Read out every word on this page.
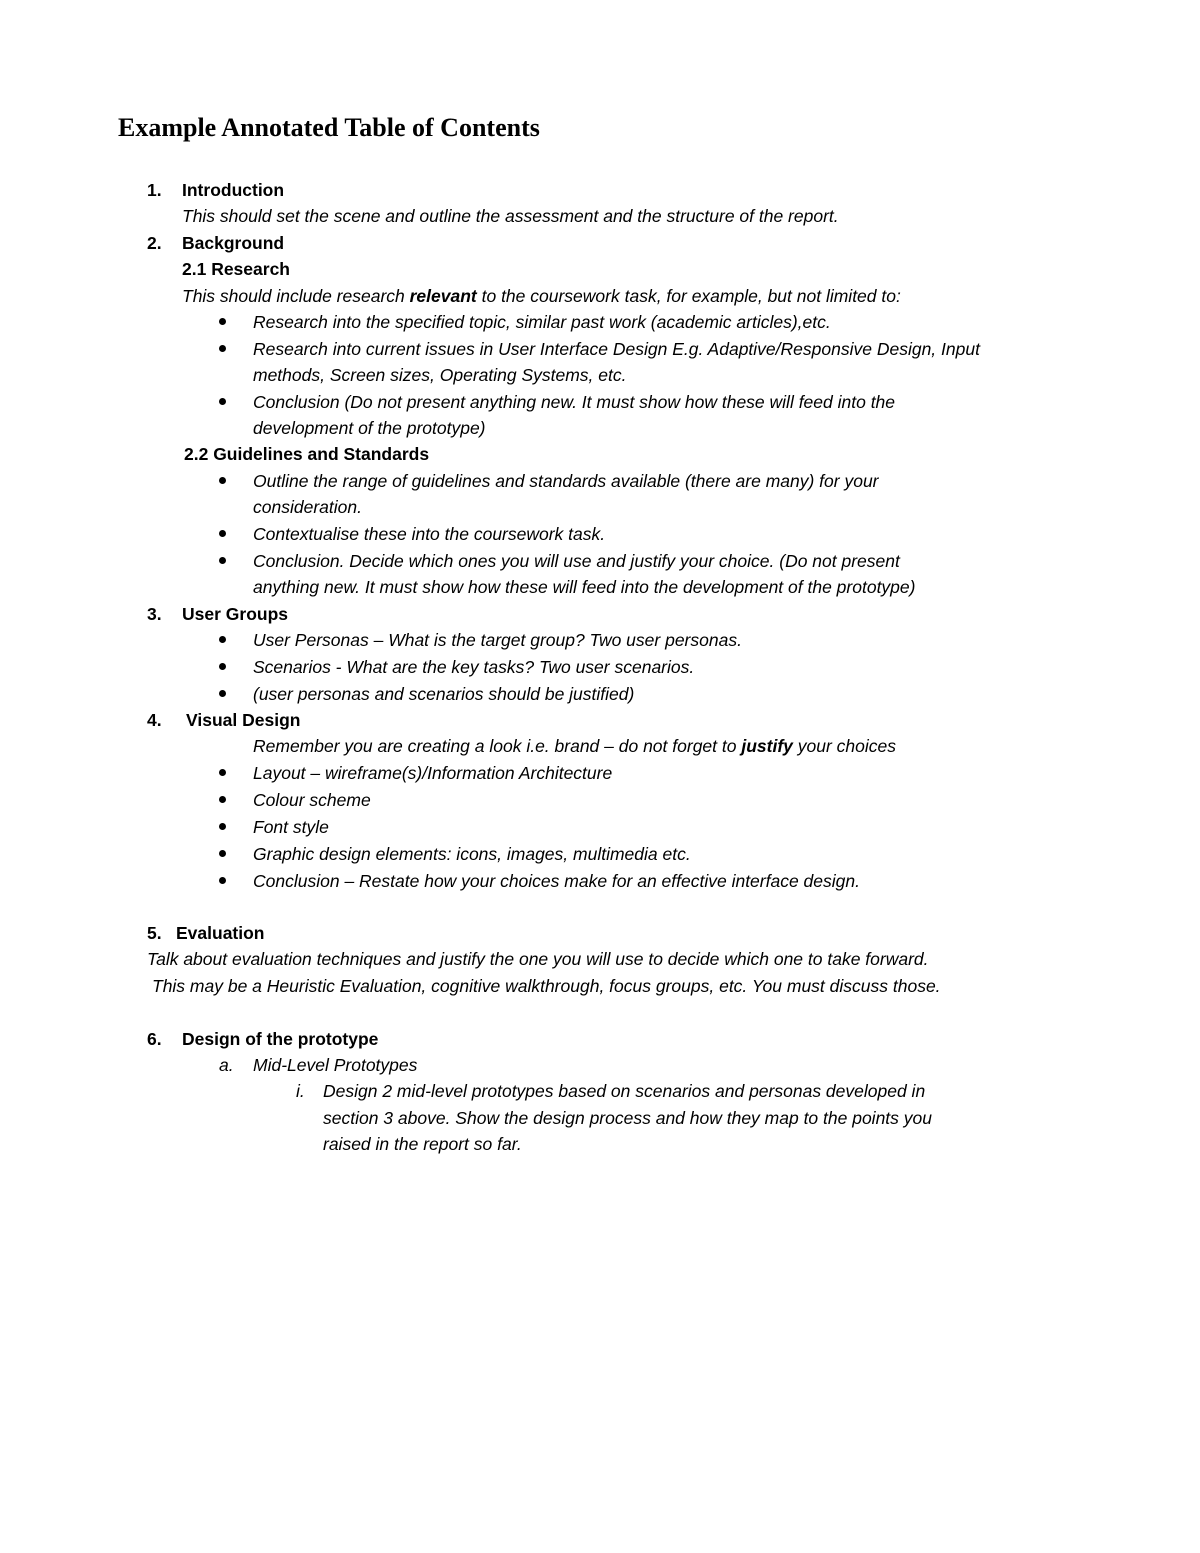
Example Annotated Table of Contents
1. Introduction
This should set the scene and outline the assessment and the structure of the report.
2. Background
2.1 Research
This should include research relevant to the coursework task, for example, but not limited to:
Research into the specified topic, similar past work (academic articles),etc.
Research into current issues in User Interface Design E.g. Adaptive/Responsive Design, Input
methods, Screen sizes, Operating Systems, etc.
Conclusion (Do not present anything new. It must show how these will feed into the
development of the prototype)
2.2 Guidelines and Standards
Outline the range of guidelines and standards available (there are many) for your
consideration.
Contextualise these into the coursework task.
Conclusion. Decide which ones you will use and justify your choice. (Do not present
anything new. It must show how these will feed into the development of the prototype)
3. User Groups
User Personas – What is the target group? Two user personas.
Scenarios - What are the key tasks? Two user scenarios.
(user personas and scenarios should be justified)
4. Visual Design
Remember you are creating a look i.e. brand – do not forget to justify your choices
Layout – wireframe(s)/Information Architecture
Colour scheme
Font style
Graphic design elements: icons, images, multimedia etc.
Conclusion – Restate how your choices make for an effective interface design.
5. Evaluation
Talk about evaluation techniques and justify the one you will use to decide which one to take forward.
This may be a Heuristic Evaluation, cognitive walkthrough, focus groups, etc. You must discuss those.
6. Design of the prototype
a. Mid-Level Prototypes
i. Design 2 mid-level prototypes based on scenarios and personas developed in
section 3 above. Show the design process and how they map to the points you
raised in the report so far.
